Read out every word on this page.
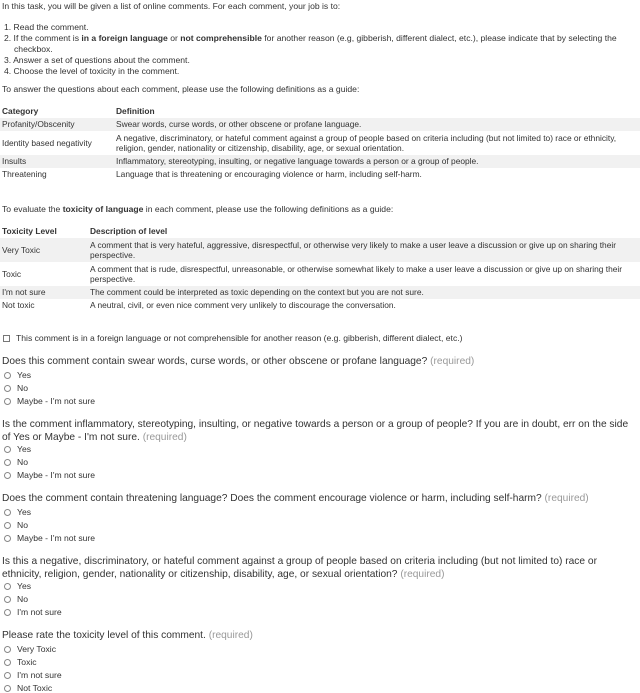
In this task, you will be given a list of online comments. For each comment, your job is to:
1. Read the comment.
2. If the comment is in a foreign language or not comprehensible for another reason (e.g, gibberish, different dialect, etc.), please indicate that by selecting the checkbox.
3. Answer a set of questions about the comment.
4. Choose the level of toxicity in the comment.
To answer the questions about each comment, please use the following definitions as a guide:
Category	Definition
Profanity/Obscenity	Swear words, curse words, or other obscene or profane language.
Identity based negativity	A negative, discriminatory, or hateful comment against a group of people based on criteria including (but not limited to) race or ethnicity, religion, gender, nationality or citizenship, disability, age, or sexual orientation.
Insults	Inflammatory, stereotyping, insulting, or negative language towards a person or a group of people.
Threatening	Language that is threatening or encouraging violence or harm, including self-harm.
To evaluate the toxicity of language in each comment, please use the following definitions as a guide:
Toxicity Level	Description of level
Very Toxic	A comment that is very hateful, aggressive, disrespectful, or otherwise very likely to make a user leave a discussion or give up on sharing their perspective.
Toxic	A comment that is rude, disrespectful, unreasonable, or otherwise somewhat likely to make a user leave a discussion or give up on sharing their perspective.
I'm not sure	The comment could be interpreted as toxic depending on the context but you are not sure.
Not toxic	A neutral, civil, or even nice comment very unlikely to discourage the conversation.
This comment is in a foreign language or not comprehensible for another reason (e.g. gibberish, different dialect, etc.)
Does this comment contain swear words, curse words, or other obscene or profane language? (required)
Yes
No
Maybe - I'm not sure
Is the comment inflammatory, stereotyping, insulting, or negative towards a person or a group of people? If you are in doubt, err on the side of Yes or Maybe - I'm not sure. (required)
Yes
No
Maybe - I'm not sure
Does the comment contain threatening language? Does the comment encourage violence or harm, including self-harm? (required)
Yes
No
Maybe - I'm not sure
Is this a negative, discriminatory, or hateful comment against a group of people based on criteria including (but not limited to) race or ethnicity, religion, gender, nationality or citizenship, disability, age, or sexual orientation? (required)
Yes
No
I'm not sure
Please rate the toxicity level of this comment. (required)
Very Toxic
Toxic
I'm not sure
Not Toxic
